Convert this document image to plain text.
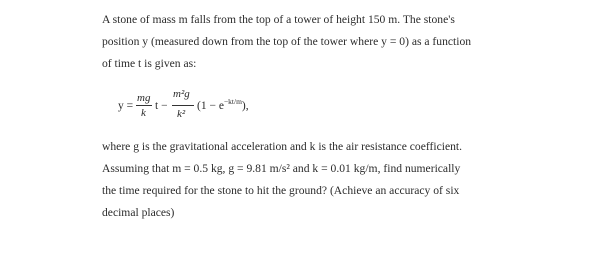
A stone of mass m falls from the top of a tower of height 150 m. The stone's
position y (measured down from the top of the tower where y = 0) as a function
of time t is given as:
y =
mg
k
t −
m²g
k²
$(1 - e^{-kt/m})$,
where g is the gravitational acceleration and k is the air resistance coefficient.
Assuming that m = 0.5 kg, g = 9.81 m/s² and k = 0.01 kg/m, find numerically
the time required for the stone to hit the ground? (Achieve an accuracy of six
decimal places)
